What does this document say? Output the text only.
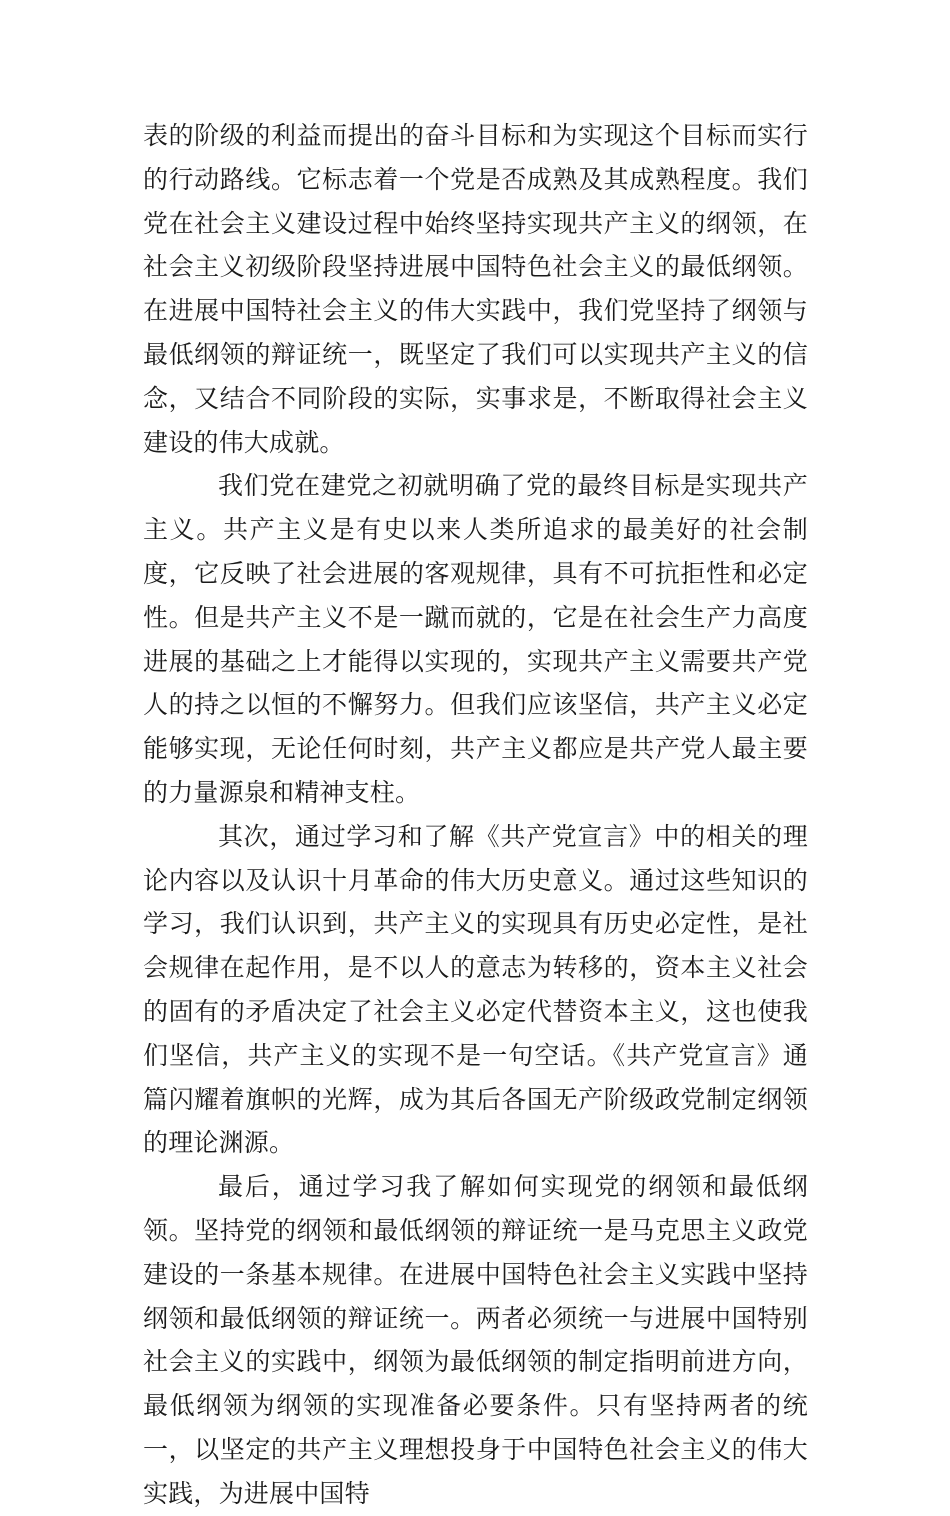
表的阶级的利益而提出的奋斗目标和为实现这个目标而实行的行动路线。它标志着一个党是否成熟及其成熟程度。我们党在社会主义建设过程中始终坚持实现共产主义的纲领，在社会主义初级阶段坚持进展中国特色社会主义的最低纲领。在进展中国特社会主义的伟大实践中，我们党坚持了纲领与最低纲领的辩证统一，既坚定了我们可以实现共产主义的信念，又结合不同阶段的实际，实事求是，不断取得社会主义建设的伟大成就。

我们党在建党之初就明确了党的最终目标是实现共产主义。共产主义是有史以来人类所追求的最美好的社会制度，它反映了社会进展的客观规律，具有不可抗拒性和必定性。但是共产主义不是一蹴而就的，它是在社会生产力高度进展的基础之上才能得以实现的，实现共产主义需要共产党人的持之以恒的不懈努力。但我们应该坚信，共产主义必定能够实现，无论任何时刻，共产主义都应是共产党人最主要的力量源泉和精神支柱。

其次，通过学习和了解《共产党宣言》中的相关的理论内容以及认识十月革命的伟大历史意义。通过这些知识的学习，我们认识到，共产主义的实现具有历史必定性，是社会规律在起作用，是不以人的意志为转移的，资本主义社会的固有的矛盾决定了社会主义必定代替资本主义，这也使我们坚信，共产主义的实现不是一句空话。《共产党宣言》通篇闪耀着旗帜的光辉，成为其后各国无产阶级政党制定纲领的理论渊源。

最后，通过学习我了解如何实现党的纲领和最低纲领。坚持党的纲领和最低纲领的辩证统一是马克思主义政党建设的一条基本规律。在进展中国特色社会主义实践中坚持纲领和最低纲领的辩证统一。两者必须统一与进展中国特别社会主义的实践中，纲领为最低纲领的制定指明前进方向，最低纲领为纲领的实现准备必要条件。只有坚持两者的统一，以坚定的共产主义理想投身于中国特色社会主义的伟大实践，为进展中国特
